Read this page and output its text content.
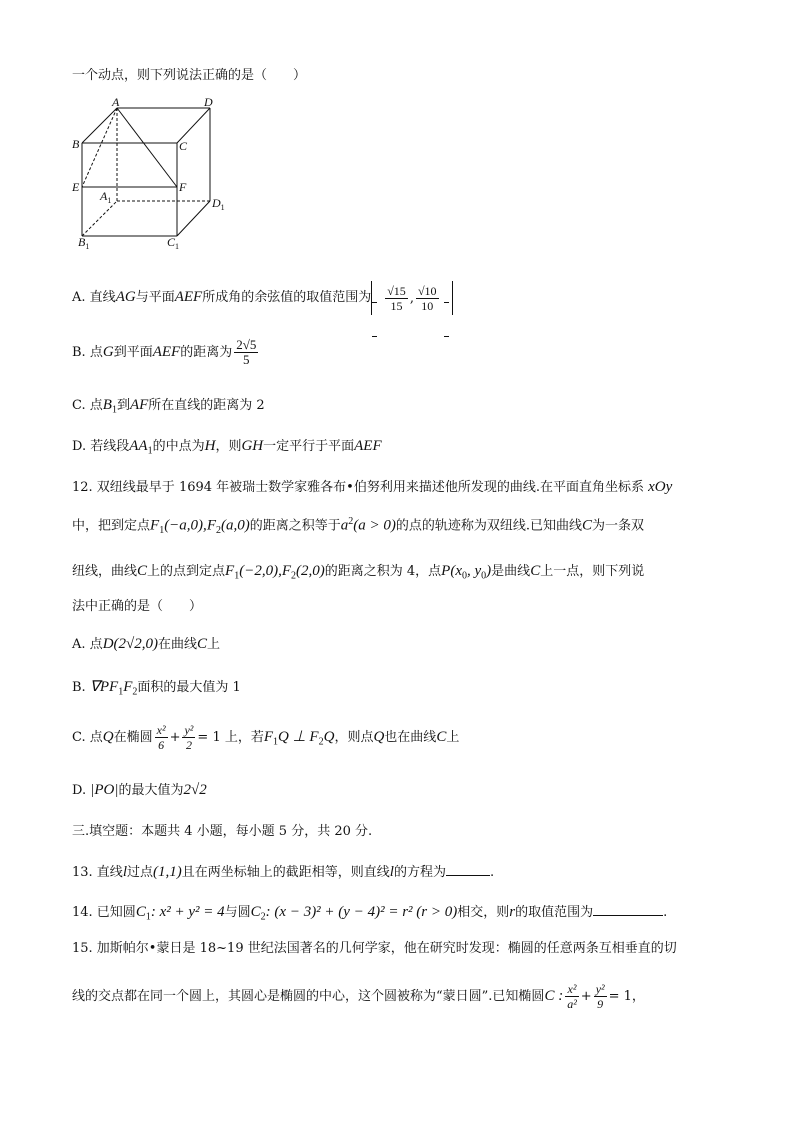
一个动点，则下列说法正确的是（　　）
A	D
B	C
E	F
$A_1$	$D_1$
$B_1$	$C_1$
A. 直线AG与平面AEF所成角的余弦值的取值范围为 $\frac{√15}{15}$ , $\frac{√10}{10}$
B. 点G到平面AEF的距离为 $\frac{2√5}{5}$
C. 点$B_1$到AF所在直线的距离为 2
D. 若线段$AA_1$的中点为H，则GH一定平行于平面AEF
12. 双纽线最早于 1694 年被瑞士数学家雅各布•伯努利用来描述他所发现的曲线.在平面直角坐标系 xOy
中，把到定点$F_1(-a,0),F_2(a,0)$的距离之积等于$a^2(a > 0)$的点的轨迹称为双纽线.已知曲线C为一条双
纽线，曲线C上的点到定点$F_1(-2,0),F_2(2,0)$的距离之积为 4，点$P(x_0$, $y_0$)是曲线C上一点，则下列说
法中正确的是（　　）
A. 点D(2√2,0)在曲线C上
B. $\nabla PF_1F_2$面积的最大值为 1
C. 点Q在椭圆 $\frac{\text{x²}}{6} + \frac{\text{y²}}{2} = 1$ 上，若$F_1Q$ ⊥ $F_2Q$，则点Q也在曲线C上
D. |PO|的最大值为2√2
三.填空题：本题共 4 小题，每小题 5 分，共 20 分.
13. 直线l过点(1,1)且在两坐标轴上的截距相等，则直线l的方程为	.
14. 已知圆$C_1$: x² + y² = 4与圆$C_2$: (x − 3)² + (y − 4)² = r² (r > 0)相交，则r的取值范围为	.
15. 加斯帕尔•蒙日是 18~19 世纪法国著名的几何学家，他在研究时发现：椭圆的任意两条互相垂直的切
线的交点都在同一个圆上，其圆心是椭圆的中心，这个圆被称为“蒙日圆”.已知椭圆C : $\frac{\text{x²}}{\text{a²}} + \frac{\text{y²}}{9} = 1$，
